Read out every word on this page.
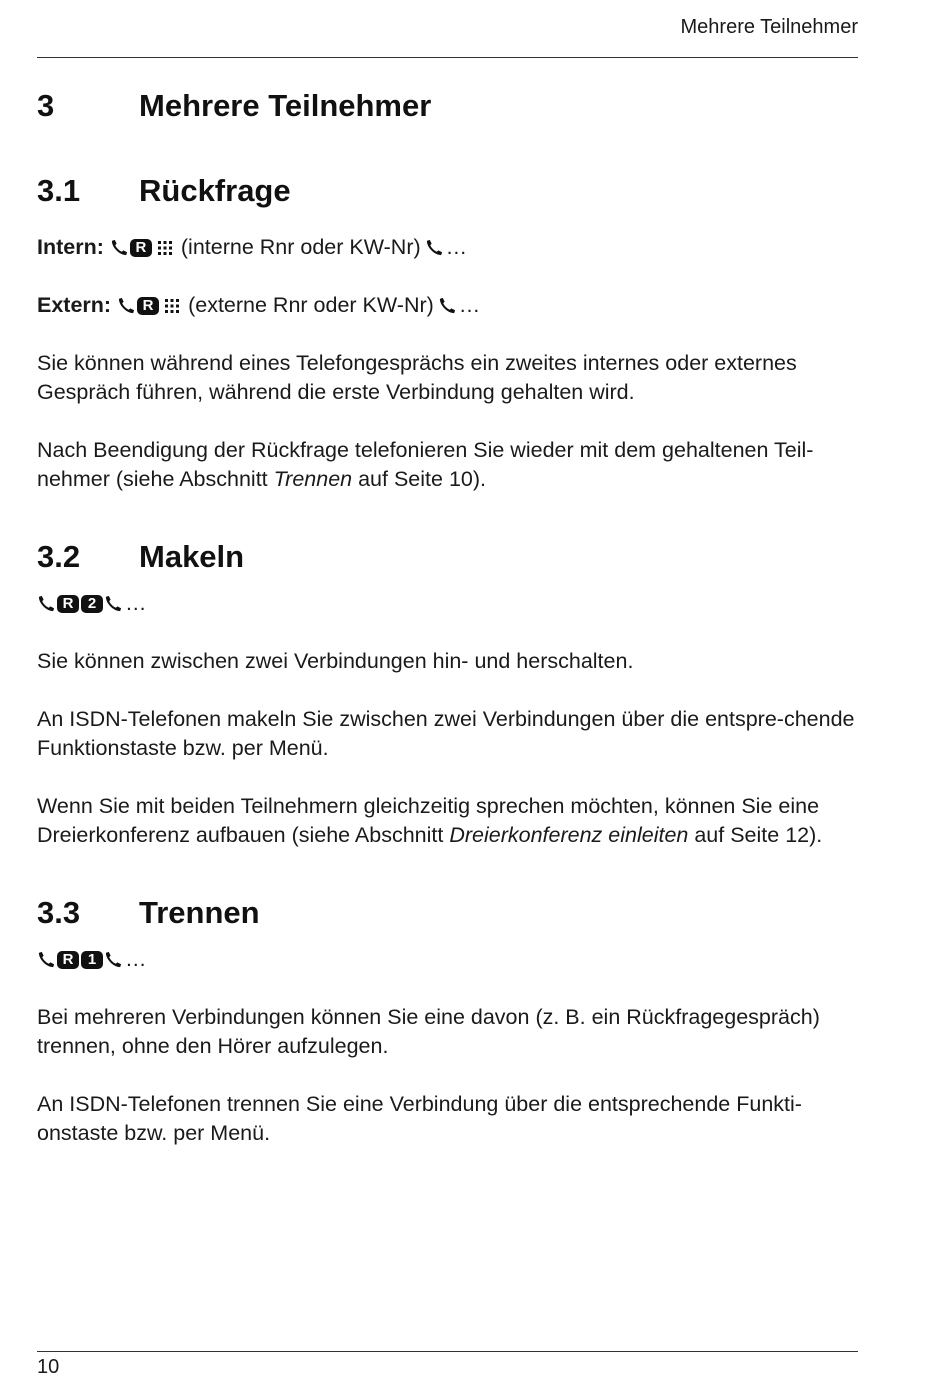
Mehrere Teilnehmer
3	Mehrere Teilnehmer
3.1	Rückfrage
Intern:	R (interne Rnr oder KW-Nr) …
Extern:	R (externe Rnr oder KW-Nr) …

Sie können während eines Telefongesprächs ein zweites internes oder externes Gespräch führen, während die erste Verbindung gehalten wird.

Nach Beendigung der Rückfrage telefonieren Sie wieder mit dem gehaltenen Teil-nehmer (siehe Abschnitt Trennen auf Seite 10).

3.2	Makeln
R 2	…

Sie können zwischen zwei Verbindungen hin- und herschalten.

An ISDN-Telefonen makeln Sie zwischen zwei Verbindungen über die entspre-chende Funktionstaste bzw. per Menü.

Wenn Sie mit beiden Teilnehmern gleichzeitig sprechen möchten, können Sie eine Dreierkonferenz aufbauen (siehe Abschnitt Dreierkonferenz einleiten auf Seite 12).

3.3	Trennen
R 1	…

Bei mehreren Verbindungen können Sie eine davon (z. B. ein Rückfragegespräch) trennen, ohne den Hörer aufzulegen.

An ISDN-Telefonen trennen Sie eine Verbindung über die entsprechende Funkti-onstaste bzw. per Menü.

10
